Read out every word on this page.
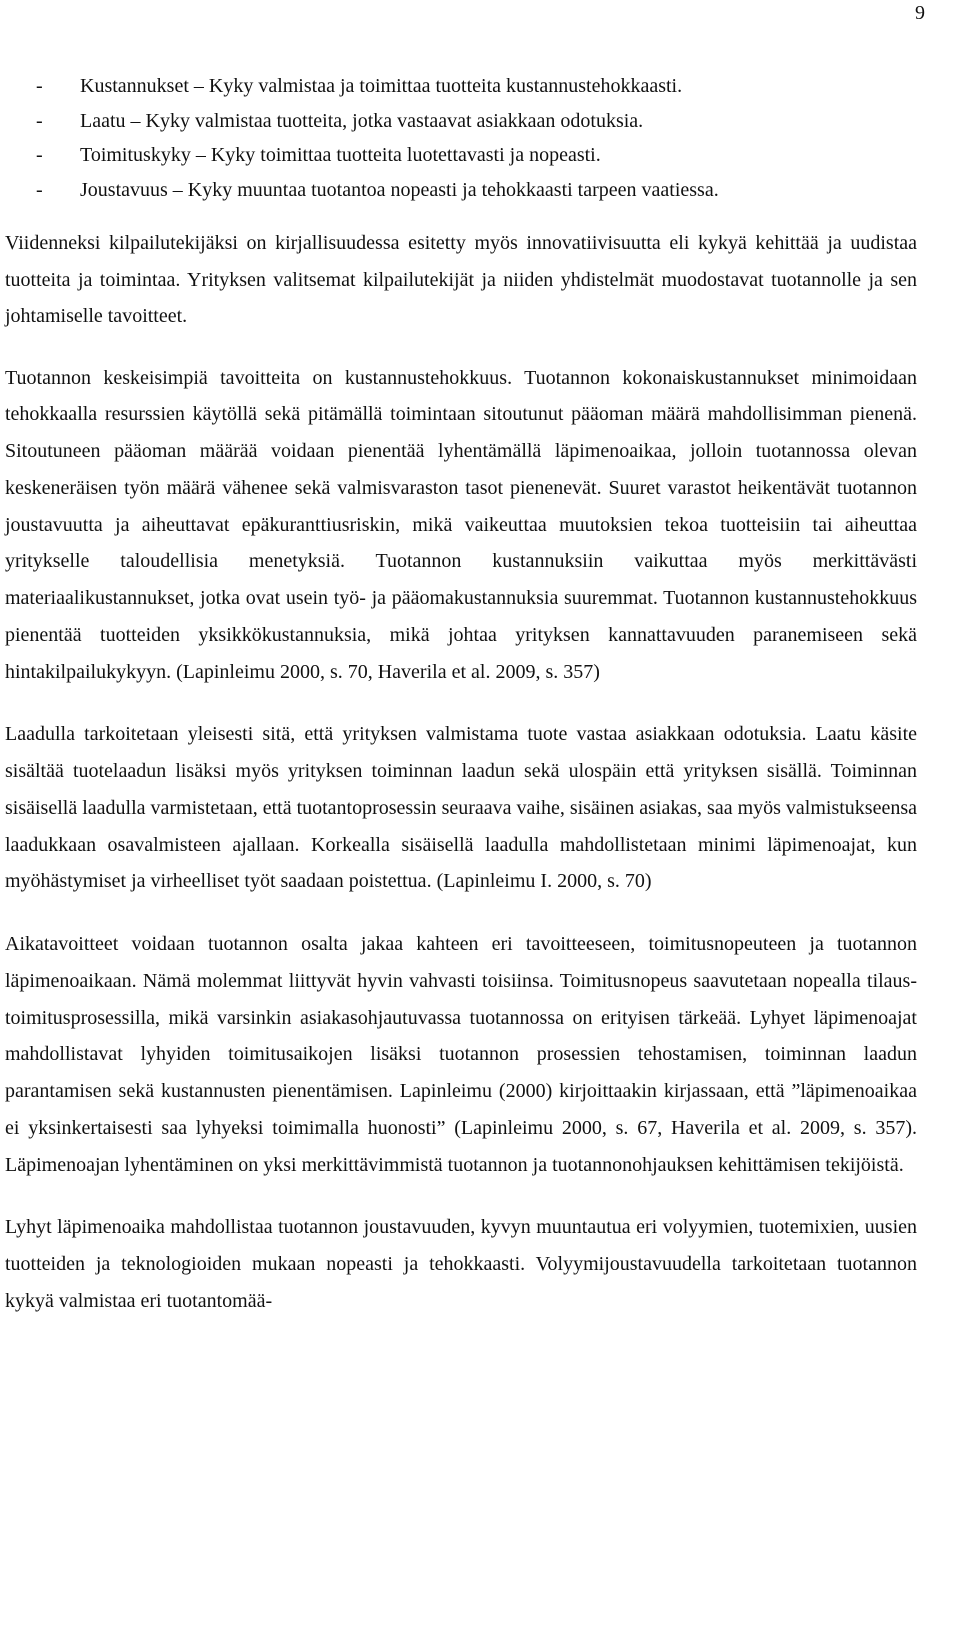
9
- Kustannukset – Kyky valmistaa ja toimittaa tuotteita kustannustehokkaasti.
- Laatu – Kyky valmistaa tuotteita, jotka vastaavat asiakkaan odotuksia.
- Toimituskyky – Kyky toimittaa tuotteita luotettavasti ja nopeasti.
- Joustavuus – Kyky muuntaa tuotantoa nopeasti ja tehokkaasti tarpeen vaatiessa.

Viidenneksi kilpailutekijäksi on kirjallisuudessa esitetty myös innovatiivisuutta eli kykyä kehittää ja uudistaa tuotteita ja toimintaa. Yrityksen valitsemat kilpailutekijät ja niiden yhdistelmät muodostavat tuotannolle ja sen johtamiselle tavoitteet.

Tuotannon keskeisimpiä tavoitteita on kustannustehokkuus. Tuotannon kokonaiskustannukset minimoidaan tehokkaalla resurssien käytöllä sekä pitämällä toimintaan sitoutunut pääoman määrä mahdollisimman pienenä. Sitoutuneen pääoman määrää voidaan pienentää lyhentämällä läpimenoaikaa, jolloin tuotannossa olevan keskeneräisen työn määrä vähenee sekä valmisvaraston tasot pienenevät. Suuret varastot heikentävät tuotannon joustavuutta ja aiheuttavat epäkuranttiusriskin, mikä vaikeuttaa muutoksien tekoa tuotteisiin tai aiheuttaa yritykselle taloudellisia menetyksiä. Tuotannon kustannuksiin vaikuttaa myös merkittävästi materiaalikustannukset, jotka ovat usein työ- ja pääomakustannuksia suuremmat. Tuotannon kustannustehokkuus pienentää tuotteiden yksikkökustannuksia, mikä johtaa yrityksen kannattavuuden paranemiseen sekä hintakilpailukykyyn. (Lapinleimu 2000, s. 70, Haverila et al. 2009, s. 357)

Laadulla tarkoitetaan yleisesti sitä, että yrityksen valmistama tuote vastaa asiakkaan odotuksia. Laatu käsite sisältää tuotelaadun lisäksi myös yrityksen toiminnan laadun sekä ulospäin että yrityksen sisällä. Toiminnan sisäisellä laadulla varmistetaan, että tuotantoprosessin seuraava vaihe, sisäinen asiakas, saa myös valmistukseensa laadukkaan osavalmisteen ajallaan. Korkealla sisäisellä laadulla mahdollistetaan minimi läpimenoajat, kun myöhästymiset ja virheelliset työt saadaan poistettua. (Lapinleimu I. 2000, s. 70)

Aikatavoitteet voidaan tuotannon osalta jakaa kahteen eri tavoitteeseen, toimitusnopeuteen ja tuotannon läpimenoaikaan. Nämä molemmat liittyvät hyvin vahvasti toisiinsa. Toimitusnopeus saavutetaan nopealla tilaus-toimitusprosessilla, mikä varsinkin asiakasohjautuvassa tuotannossa on erityisen tärkeää. Lyhyet läpimenoajat mahdollistavat lyhyiden toimitusaikojen lisäksi tuotannon prosessien tehostamisen, toiminnan laadun parantamisen sekä kustannusten pienentämisen. Lapinleimu (2000) kirjoittaakin kirjassaan, että ”läpimenoaikaa ei yksinkertaisesti saa lyhyeksi toimimalla huonosti” (Lapinleimu 2000, s. 67, Haverila et al. 2009, s. 357). Läpimenoajan lyhentäminen on yksi merkittävimmistä tuotannon ja tuotannonohjauksen kehittämisen tekijöistä.

Lyhyt läpimenoaika mahdollistaa tuotannon joustavuuden, kyvyn muuntautua eri volyymien, tuotemixien, uusien tuotteiden ja teknologioiden mukaan nopeasti ja tehokkaasti. Volyymijoustavuudella tarkoitetaan tuotannon kykyä valmistaa eri tuotantomää-
